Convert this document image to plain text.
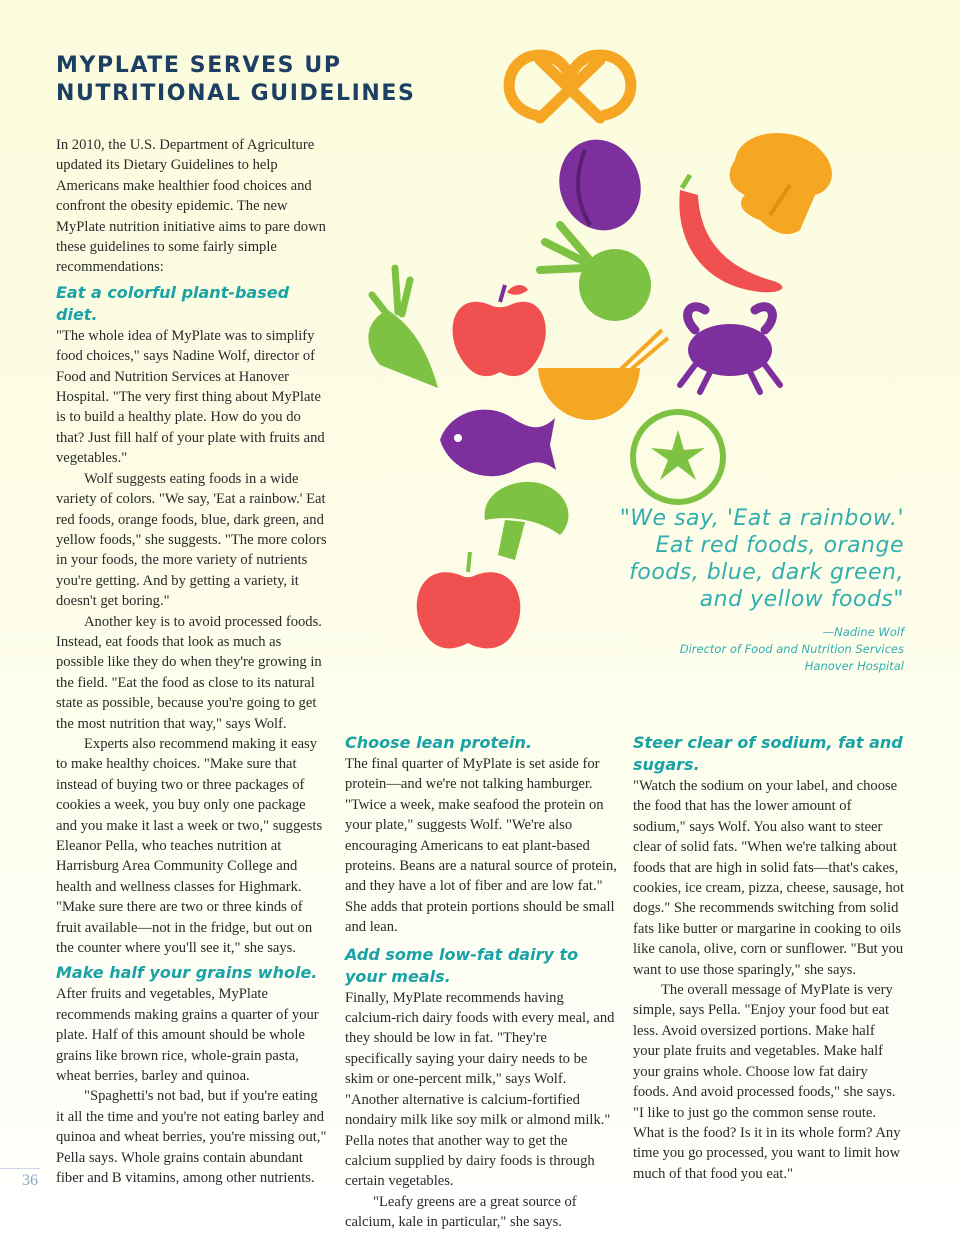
MYPLATE SERVES UP
NUTRITIONAL GUIDELINES

In 2010, the U.S. Department of Agriculture updated its Dietary Guidelines to help Americans make healthier food choices and confront the obesity epidemic. The new MyPlate nutrition initiative aims to pare down these guidelines to some fairly simple recommendations:

Eat a colorful plant-based diet.

"The whole idea of MyPlate was to simplify food choices," says Nadine Wolf, director of Food and Nutrition Services at Hanover Hospital. "The very first thing about MyPlate is to build a healthy plate. How do you do that? Just fill half of your plate with fruits and vegetables."

Wolf suggests eating foods in a wide variety of colors. "We say, 'Eat a rainbow.' Eat red foods, orange foods, blue, dark green, and yellow foods," she suggests. "The more colors in your foods, the more variety of nutrients you're getting. And by getting a variety, it doesn't get boring."

Another key is to avoid processed foods. Instead, eat foods that look as much as possible like they do when they're growing in the field. "Eat the food as close to its natural state as possible, because you're going to get the most nutrition that way," says Wolf.

Experts also recommend making it easy to make healthy choices. "Make sure that instead of buying two or three packages of cookies a week, you buy only one package and you make it last a week or two," suggests Eleanor Pella, who teaches nutrition at Harrisburg Area Community College and health and wellness classes for Highmark. "Make sure there are two or three kinds of fruit available—not in the fridge, but out on the counter where you'll see it," she says.

Make half your grains whole.

After fruits and vegetables, MyPlate recommends making grains a quarter of your plate. Half of this amount should be whole grains like brown rice, whole-grain pasta, wheat berries, barley and quinoa.

"Spaghetti's not bad, but if you're eating it all the time and you're not eating barley and quinoa and wheat berries, you're missing out," Pella says. Whole grains contain abundant fiber and B vitamins, among other nutrients.

Choose lean protein.

The final quarter of MyPlate is set aside for protein—and we're not talking hamburger. "Twice a week, make seafood the protein on your plate," suggests Wolf. "We're also encouraging Americans to eat plant-based proteins. Beans are a natural source of protein, and they have a lot of fiber and are low fat." She adds that protein portions should be small and lean.

Add some low-fat dairy to your meals.

Finally, MyPlate recommends having calcium-rich dairy foods with every meal, and they should be low in fat. "They're specifically saying your dairy needs to be skim or one-percent milk," says Wolf. "Another alternative is calcium-fortified nondairy milk like soy milk or almond milk." Pella notes that another way to get the calcium supplied by dairy foods is through certain vegetables.

"Leafy greens are a great source of calcium, kale in particular," she says.

Steer clear of sodium, fat and sugars.

"Watch the sodium on your label, and choose the food that has the lower amount of sodium," says Wolf. You also want to steer clear of solid fats. "When we're talking about foods that are high in solid fats—that's cakes, cookies, ice cream, pizza, cheese, sausage, hot dogs." She recommends switching from solid fats like butter or margarine in cooking to oils like canola, olive, corn or sunflower. "But you want to use those sparingly," she says.

The overall message of MyPlate is very simple, says Pella. "Enjoy your food but eat less. Avoid oversized portions. Make half your plate fruits and vegetables. Make half your grains whole. Choose low fat dairy foods. And avoid processed foods," she says. "I like to just go the common sense route. What is the food? Is it in its whole form? Any time you go processed, you want to limit how much of that food you eat."

"We say, 'Eat a rainbow.' Eat red foods, orange foods, blue, dark green, and yellow foods"

—Nadine Wolf
Director of Food and Nutrition Services
Hanover Hospital
36
